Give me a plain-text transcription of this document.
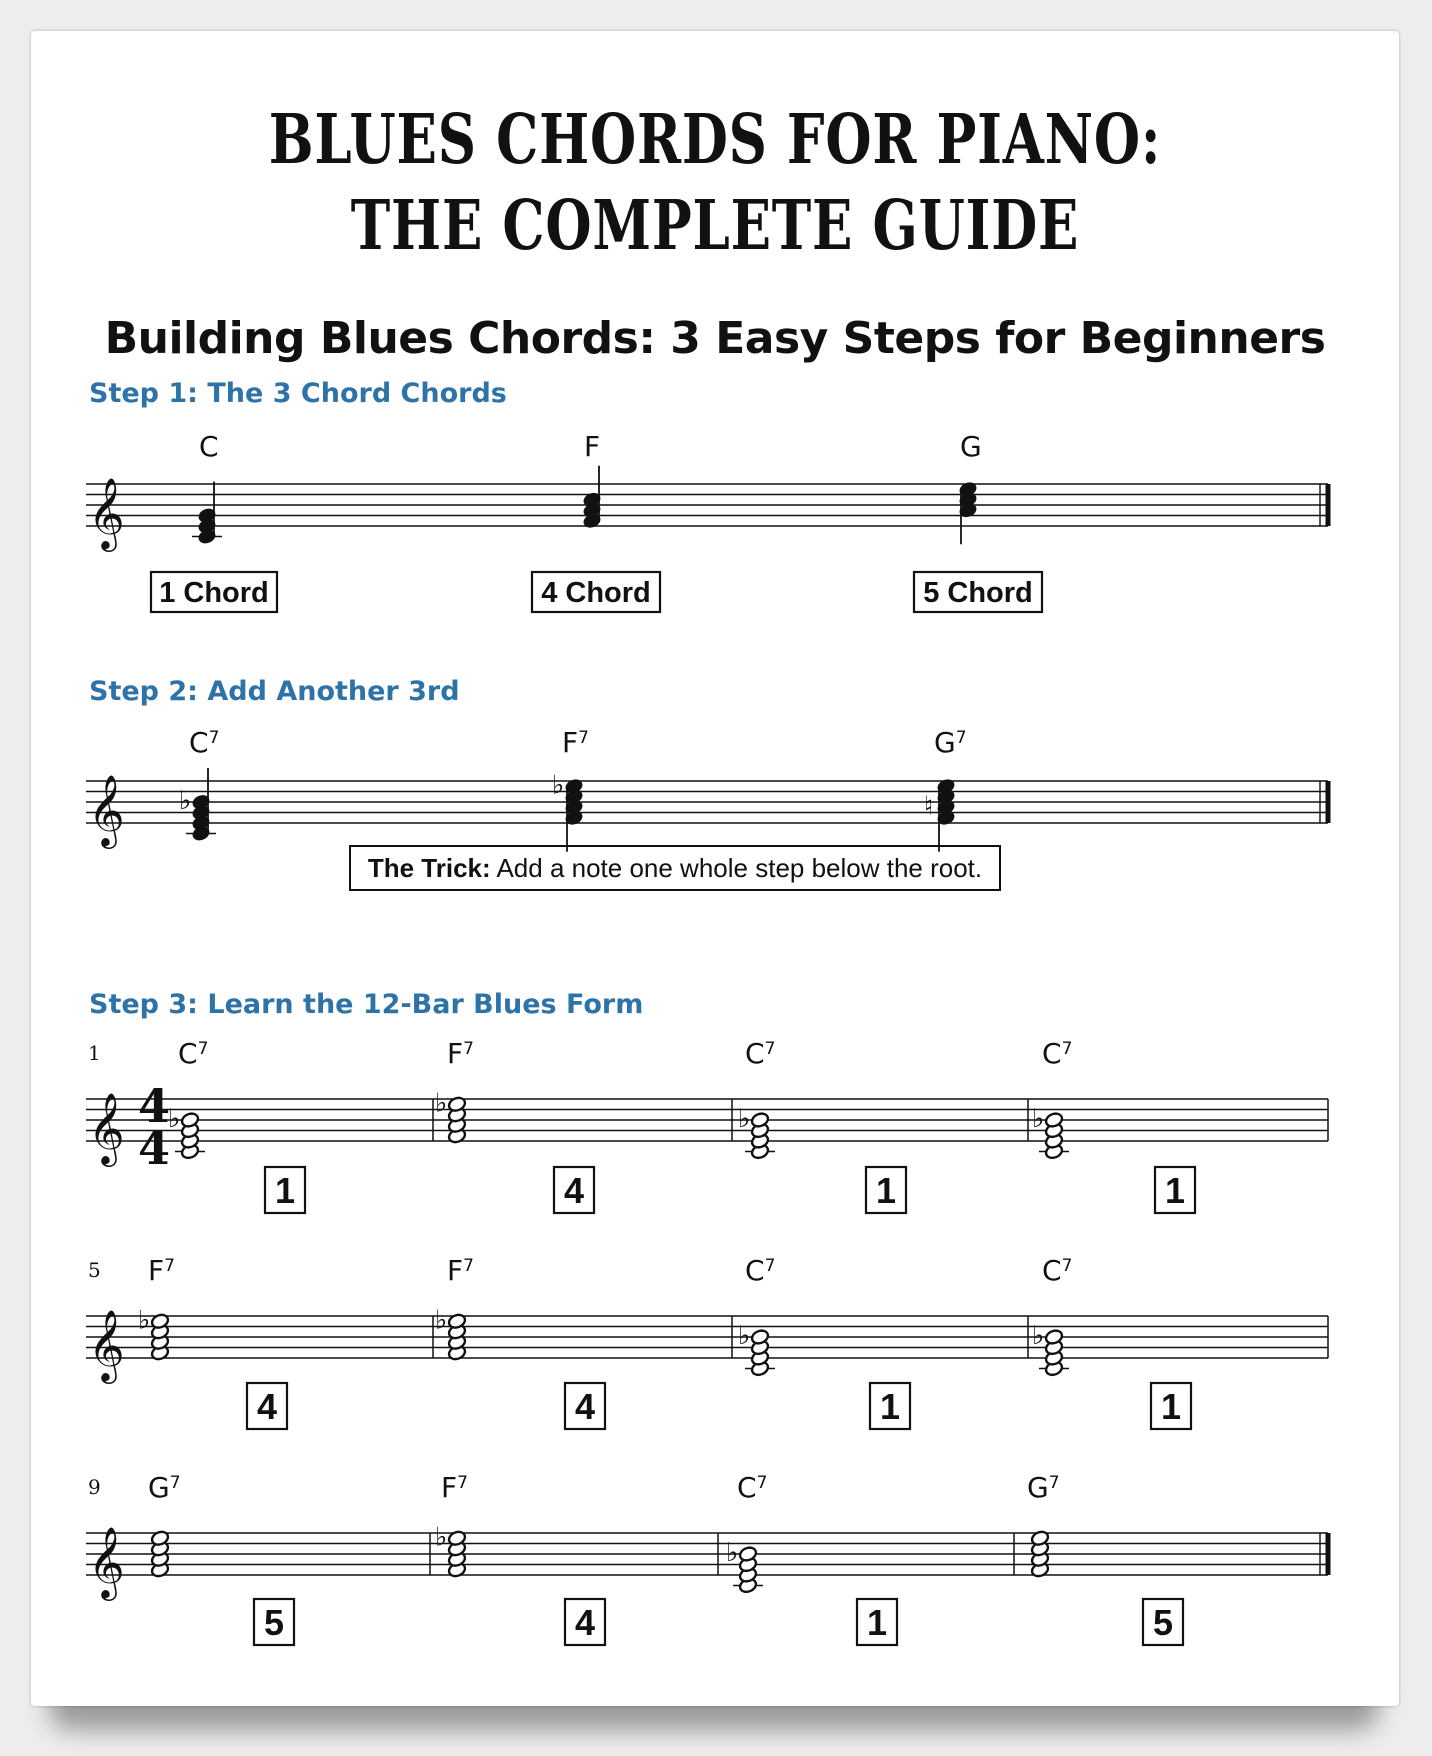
BLUES CHORDS FOR PIANO:
THE COMPLETE GUIDE
Building Blues Chords: 3 Easy Steps for Beginners
Step 1: The 3 Chord Chords
Step 2: Add Another 3rd
Step 3: Learn the 12-Bar Blues Form
𝄞
C
1 Chord
F
4 Chord
G
5 Chord
𝄞 ♭
♭
♮
C7	F7	G7
𝄞
1
4
4
♭
C7
1
♭
F7
4
♭
C7
1
♭
C7
1
𝄞
5
♭
F7
4
♭
F7
4
♭
C7
1
♭
C7
1
𝄞
9 G7
5
♭
F7
4
♭
C7
1
G7
5
The Trick: Add a note one whole step below the root.
